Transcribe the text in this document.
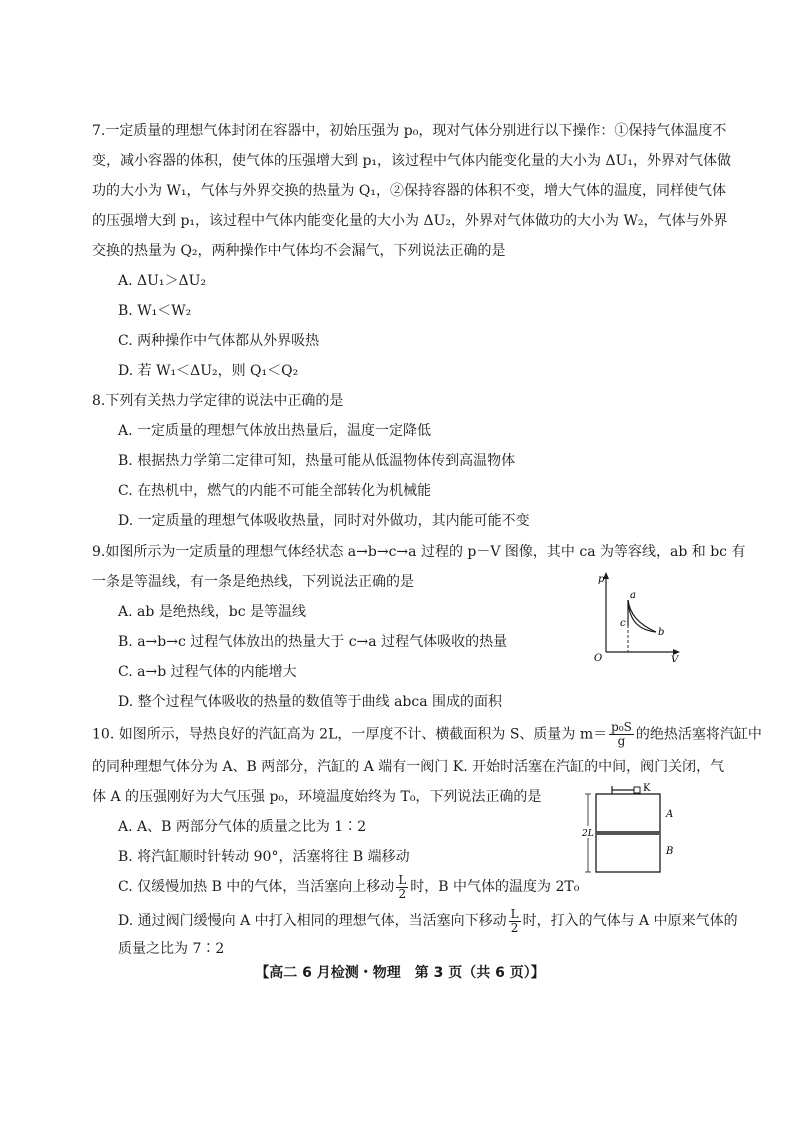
7.一定质量的理想气体封闭在容器中，初始压强为 p₀，现对气体分别进行以下操作：①保持气体温度不
变，减小容器的体积，使气体的压强增大到 p₁，该过程中气体内能变化量的大小为 ΔU₁，外界对气体做
功的大小为 W₁，气体与外界交换的热量为 Q₁，②保持容器的体积不变，增大气体的温度，同样使气体
的压强增大到 p₁，该过程中气体内能变化量的大小为 ΔU₂，外界对气体做功的大小为 W₂，气体与外界
交换的热量为 Q₂，两种操作中气体均不会漏气，下列说法正确的是
A. ΔU₁＞ΔU₂
B. W₁＜W₂
C. 两种操作中气体都从外界吸热
D. 若 W₁＜ΔU₂，则 Q₁＜Q₂
8.下列有关热力学定律的说法中正确的是
A. 一定质量的理想气体放出热量后，温度一定降低
B. 根据热力学第二定律可知，热量可能从低温物体传到高温物体
C. 在热机中，燃气的内能不可能全部转化为机械能
D. 一定质量的理想气体吸收热量，同时对外做功，其内能可能不变
9.如图所示为一定质量的理想气体经状态 a→b→c→a 过程的 p－V 图像，其中 ca 为等容线，ab 和 bc 有
一条是等温线，有一条是绝热线，下列说法正确的是
A. ab 是绝热线，bc 是等温线
B. a→b→c 过程气体放出的热量大于 c→a 过程气体吸收的热量
C. a→b 过程气体的内能增大
D. 整个过程气体吸收的热量的数值等于曲线 abca 围成的面积
p
V
O
a
b
c
10. 如图所示，导热良好的汽缸高为 2L，一厚度不计、横截面积为 S、质量为 $m= \frac{\text{p₀S}}{g}$ 的绝热活塞将汽缸中
的同种理想气体分为 A、B 两部分，汽缸的 A 端有一阀门 K. 开始时活塞在汽缸的中间，阀门关闭，气
体 A 的压强刚好为大气压强 p₀，环境温度始终为 T₀，下列说法正确的是
A. A、B 两部分气体的质量之比为 1∶2
B. 将汽缸顺时针转动 90°，活塞将往 B 端移动
C. 仅缓慢加热 B 中的气体，当活塞向上移动 $\frac{L}{2}$ 时，B 中气体的温度为 2T₀
D. 通过阀门缓慢向 A 中打入相同的理想气体，当活塞向下移动 $\frac{L}{2}$ 时，打入的气体与 A 中原来气体的
质量之比为 7∶2
2L
K
A
B
【高二 6 月检测・物理　第 3 页（共 6 页）】
